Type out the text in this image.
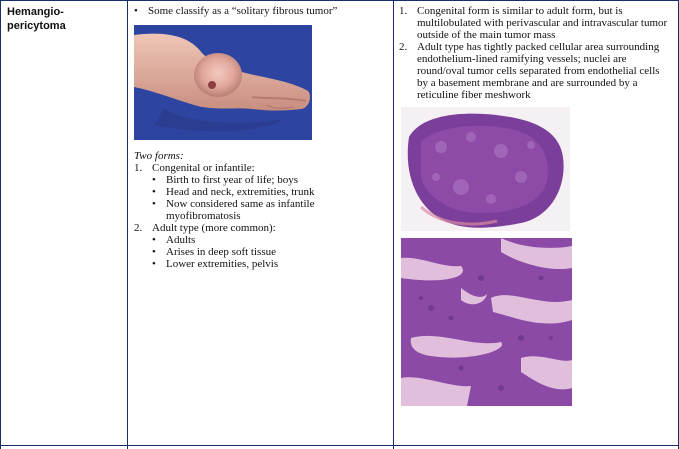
Hemangio-
pericytoma
• Some classify as a “solitary fibrous tumor”
Two forms:
1. Congenital or infantile:
• Birth to first year of life; boys
• Head and neck, extremities, trunk
• Now considered same as infantile myofibromatosis
2. Adult type (more common):
• Adults
• Arises in deep soft tissue
• Lower extremities, pelvis
1. Congenital form is similar to adult form, but is multilobulated with perivascular and intravascular tumor outside of the main tumor mass
2. Adult type has tightly packed cellular area surrounding endothelium-lined ramifying vessels; nuclei are round/oval tumor cells separated from endothelial cells by a basement membrane and are surrounded by a reticuline fiber meshwork
